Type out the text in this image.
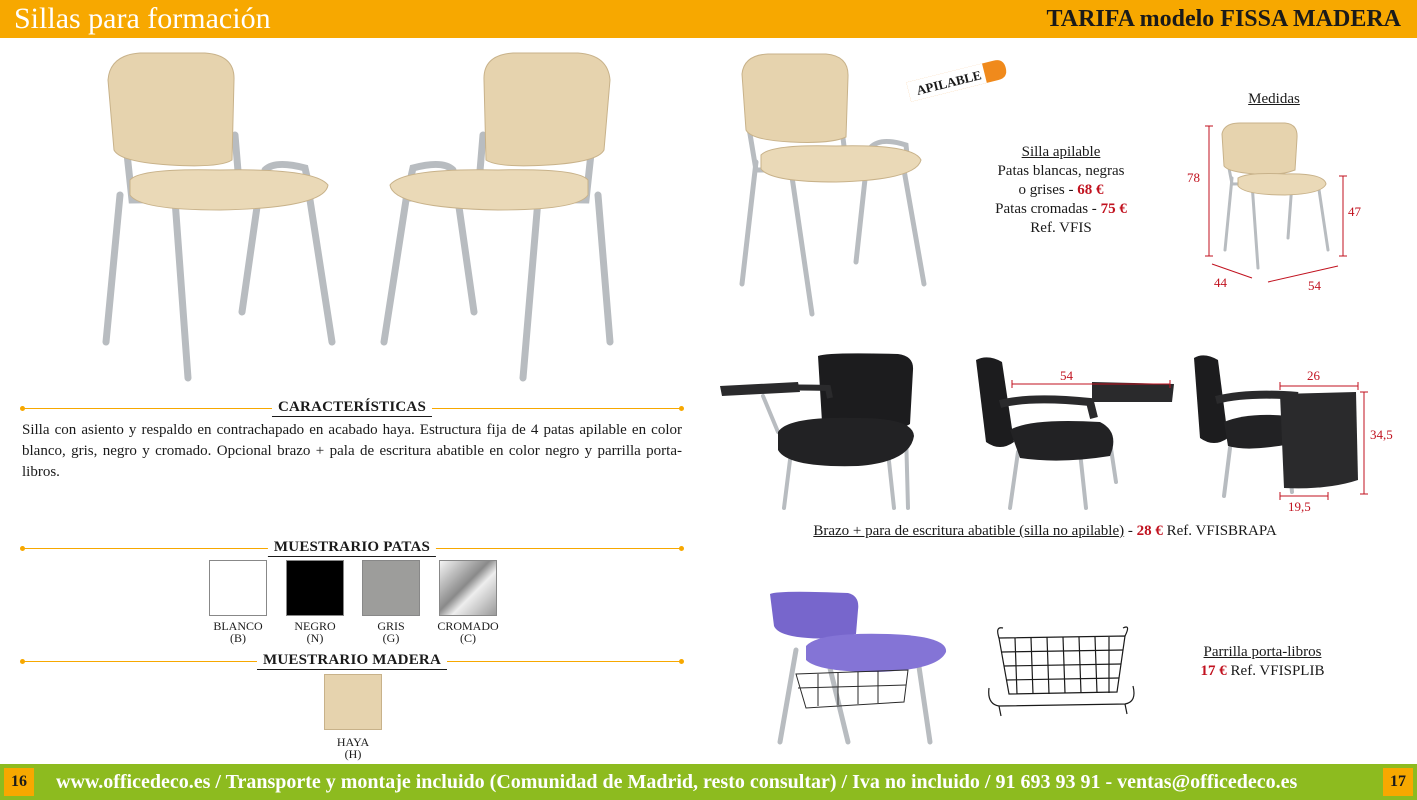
Sillas para formación	TARIFA modelo FISSA MADERA
CARACTERÍSTICAS
Silla con asiento y respaldo en contrachapado en acabado haya. Estructura fija de 4 patas apilable en color blanco, gris, negro y cromado. Opcional brazo + pala de escritura abatible en color negro y parrilla porta-libros.
MUESTRARIO PATAS
BLANCO
(B)
NEGRO
(N)
GRIS
(G)
CROMADO
(C)
MUESTRARIO MADERA
HAYA
(H)
APILABLE
Silla apilable
Patas blancas, negras
o grises - 68 €
Patas cromadas - 75 €
Ref. VFIS
Medidas
78
47
44	54
54	26
34,5
19,5
Brazo + para de escritura abatible (silla no apilable) - 28 € Ref. VFISBRAPA
Parrilla porta-libros
17 € Ref. VFISPLIB
16	www.officedeco.es / Transporte y montaje incluido (Comunidad de Madrid, resto consultar) / Iva no incluido / 91 693 93 91 - ventas@officedeco.es	17
